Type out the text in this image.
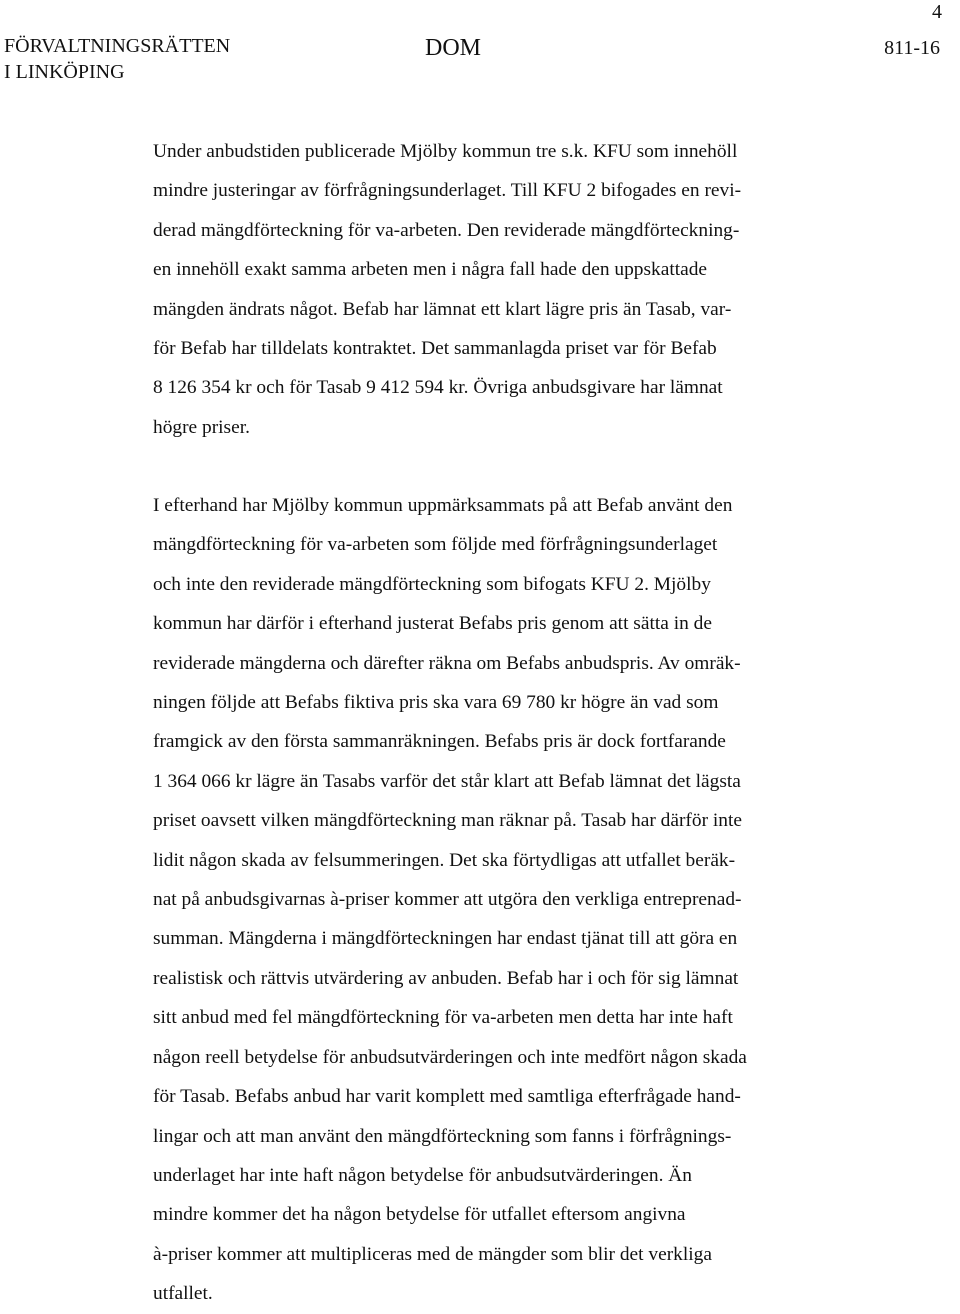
4
FÖRVALTNINGSRÄTTEN
I LINKÖPING
DOM	811-16
Under anbudstiden publicerade Mjölby kommun tre s.k. KFU som innehöll
mindre justeringar av förfrågningsunderlaget. Till KFU 2 bifogades en revi-
derad mängdförteckning för va-arbeten. Den reviderade mängdförteckning-
en innehöll exakt samma arbeten men i några fall hade den uppskattade
mängden ändrats något. Befab har lämnat ett klart lägre pris än Tasab, var-
för Befab har tilldelats kontraktet. Det sammanlagda priset var för Befab
8 126 354 kr och för Tasab 9 412 594 kr. Övriga anbudsgivare har lämnat
högre priser.
I efterhand har Mjölby kommun uppmärksammats på att Befab använt den
mängdförteckning för va-arbeten som följde med förfrågningsunderlaget
och inte den reviderade mängdförteckning som bifogats KFU 2. Mjölby
kommun har därför i efterhand justerat Befabs pris genom att sätta in de
reviderade mängderna och därefter räkna om Befabs anbudspris. Av omräk-
ningen följde att Befabs fiktiva pris ska vara 69 780 kr högre än vad som
framgick av den första sammanräkningen. Befabs pris är dock fortfarande
1 364 066 kr lägre än Tasabs varför det står klart att Befab lämnat det lägsta
priset oavsett vilken mängdförteckning man räknar på. Tasab har därför inte
lidit någon skada av felsummeringen. Det ska förtydligas att utfallet beräk-
nat på anbudsgivarnas à-priser kommer att utgöra den verkliga entreprenad-
summan. Mängderna i mängdförteckningen har endast tjänat till att göra en
realistisk och rättvis utvärdering av anbuden. Befab har i och för sig lämnat
sitt anbud med fel mängdförteckning för va-arbeten men detta har inte haft
någon reell betydelse för anbudsutvärderingen och inte medfört någon skada
för Tasab. Befabs anbud har varit komplett med samtliga efterfrågade hand-
lingar och att man använt den mängdförteckning som fanns i förfrågnings-
underlaget har inte haft någon betydelse för anbudsutvärderingen. Än
mindre kommer det ha någon betydelse för utfallet eftersom angivna
à-priser kommer att multipliceras med de mängder som blir det verkliga
utfallet.
